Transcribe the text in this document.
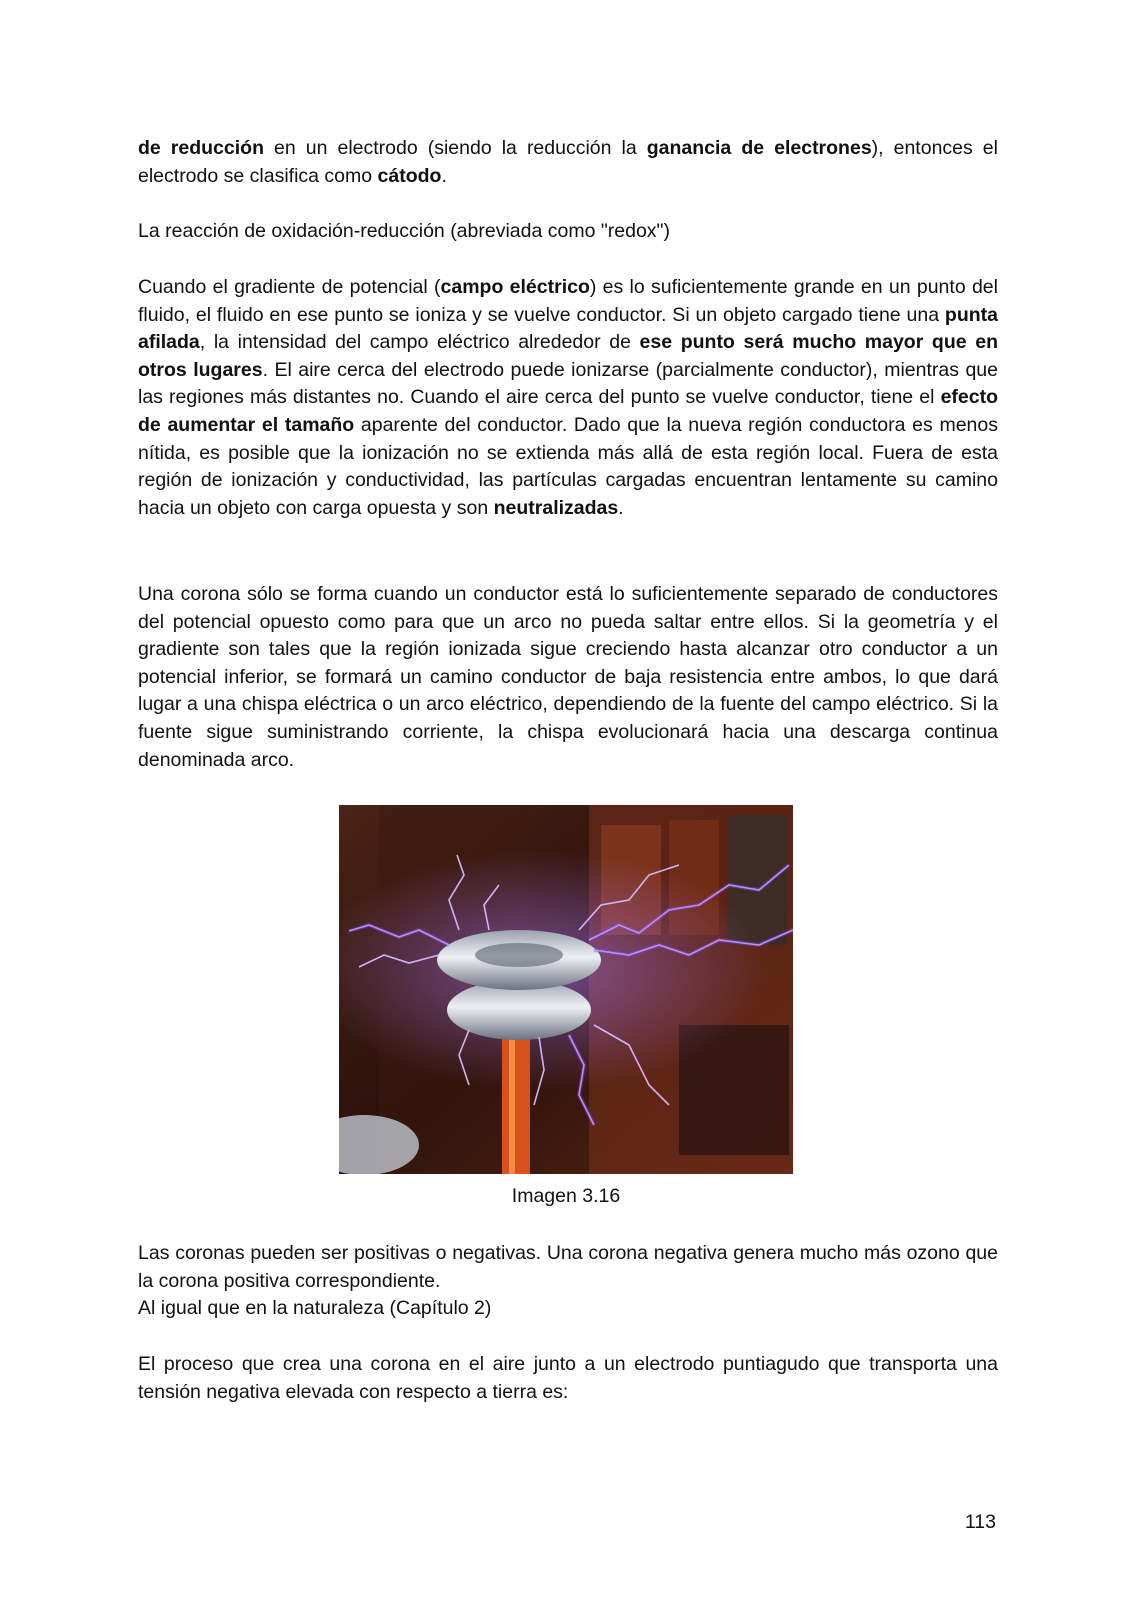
de reducción en un electrodo (siendo la reducción la ganancia de electrones), entonces el electrodo se clasifica como cátodo.
La reacción de oxidación-reducción (abreviada como "redox")
Cuando el gradiente de potencial (campo eléctrico) es lo suficientemente grande en un punto del fluido, el fluido en ese punto se ioniza y se vuelve conductor. Si un objeto cargado tiene una punta afilada, la intensidad del campo eléctrico alrededor de ese punto será mucho mayor que en otros lugares. El aire cerca del electrodo puede ionizarse (parcialmente conductor), mientras que las regiones más distantes no. Cuando el aire cerca del punto se vuelve conductor, tiene el efecto de aumentar el tamaño aparente del conductor. Dado que la nueva región conductora es menos nítida, es posible que la ionización no se extienda más allá de esta región local. Fuera de esta región de ionización y conductividad, las partículas cargadas encuentran lentamente su camino hacia un objeto con carga opuesta y son neutralizadas.
Una corona sólo se forma cuando un conductor está lo suficientemente separado de conductores del potencial opuesto como para que un arco no pueda saltar entre ellos. Si la geometría y el gradiente son tales que la región ionizada sigue creciendo hasta alcanzar otro conductor a un potencial inferior, se formará un camino conductor de baja resistencia entre ambos, lo que dará lugar a una chispa eléctrica o un arco eléctrico, dependiendo de la fuente del campo eléctrico. Si la fuente sigue suministrando corriente, la chispa evolucionará hacia una descarga continua denominada arco.
Imagen 3.16
Las coronas pueden ser positivas o negativas. Una corona negativa genera mucho más ozono que la corona positiva correspondiente.
Al igual que en la naturaleza (Capítulo 2)
El proceso que crea una corona en el aire junto a un electrodo puntiagudo que transporta una tensión negativa elevada con respecto a tierra es:
113
